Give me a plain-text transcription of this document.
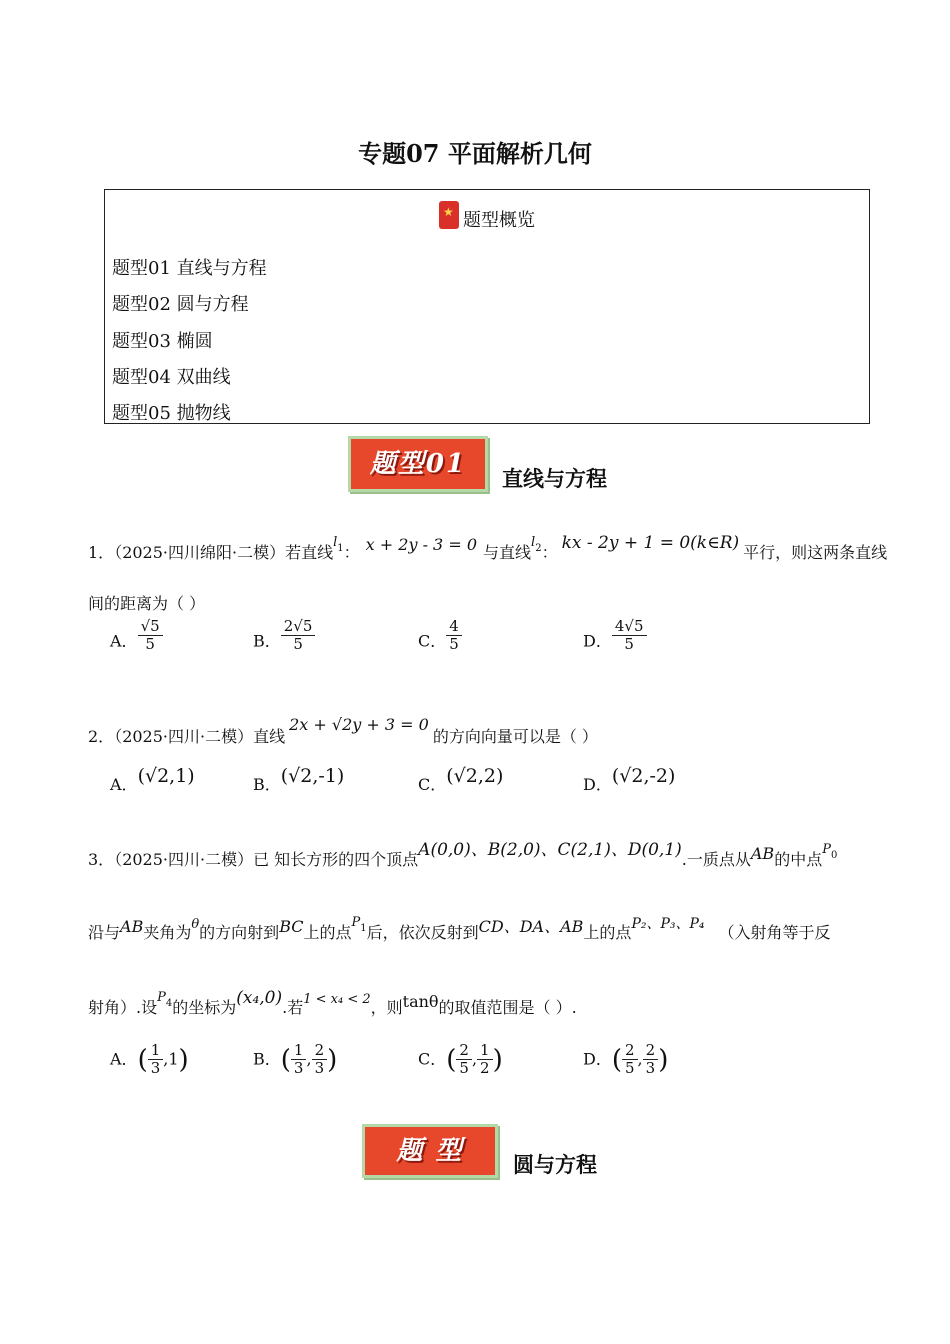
专题07 平面解析几何
★ 题型概览
题型01 直线与方程
题型02 圆与方程
题型03 椭圆
题型04 双曲线
题型05 抛物线
题型01	直线与方程
1．（2025·四川绵阳·二模）若直线$^{l1}$： x + 2y - 3 = 0 与直线$^{l2}$： kx - 2y + 1 = 0(k∈R) 平行，则这两条直线
间的距离为（ ）
A． $\frac{√5}{5}$	B． $\frac{2√5}{5}$	C． $\frac{4}{5}$	D． $\frac{4√5}{5}$
2．（2025·四川·二模）直线2x + √2y + 3 = 0的方向向量可以是（ ）
A．(√2,1)	B．(√2,-1)	C．(√2,2)	D．(√2,-2)
3．（2025·四川·二模）已 知长方形的四个顶点A(0,0)、B(2,0)、C(2,1)、D(0,1).一质点从AB的中点$^{P0}$
沿与AB夹角为$^\theta$的方向射到BC上的点$^{P1}$后，依次反射到CD、DA、AB上的点P₂、P₃、P₄ （入射角等于反
射角）.设$^{P4}$的坐标为(x₄,0).若$^{1 < x_4 < 2}$，则tanθ的取值范围是（ ）.
A．( $\frac{1}{3} ,1$)	B．( $\frac{1}{3}$ , $\frac{2}{3}$ )	C．( $\frac{2}{5}$ , $\frac{1}{2}$ )	D．( $\frac{2}{5}$ , $\frac{2}{3}$ )
题 型	圆与方程
